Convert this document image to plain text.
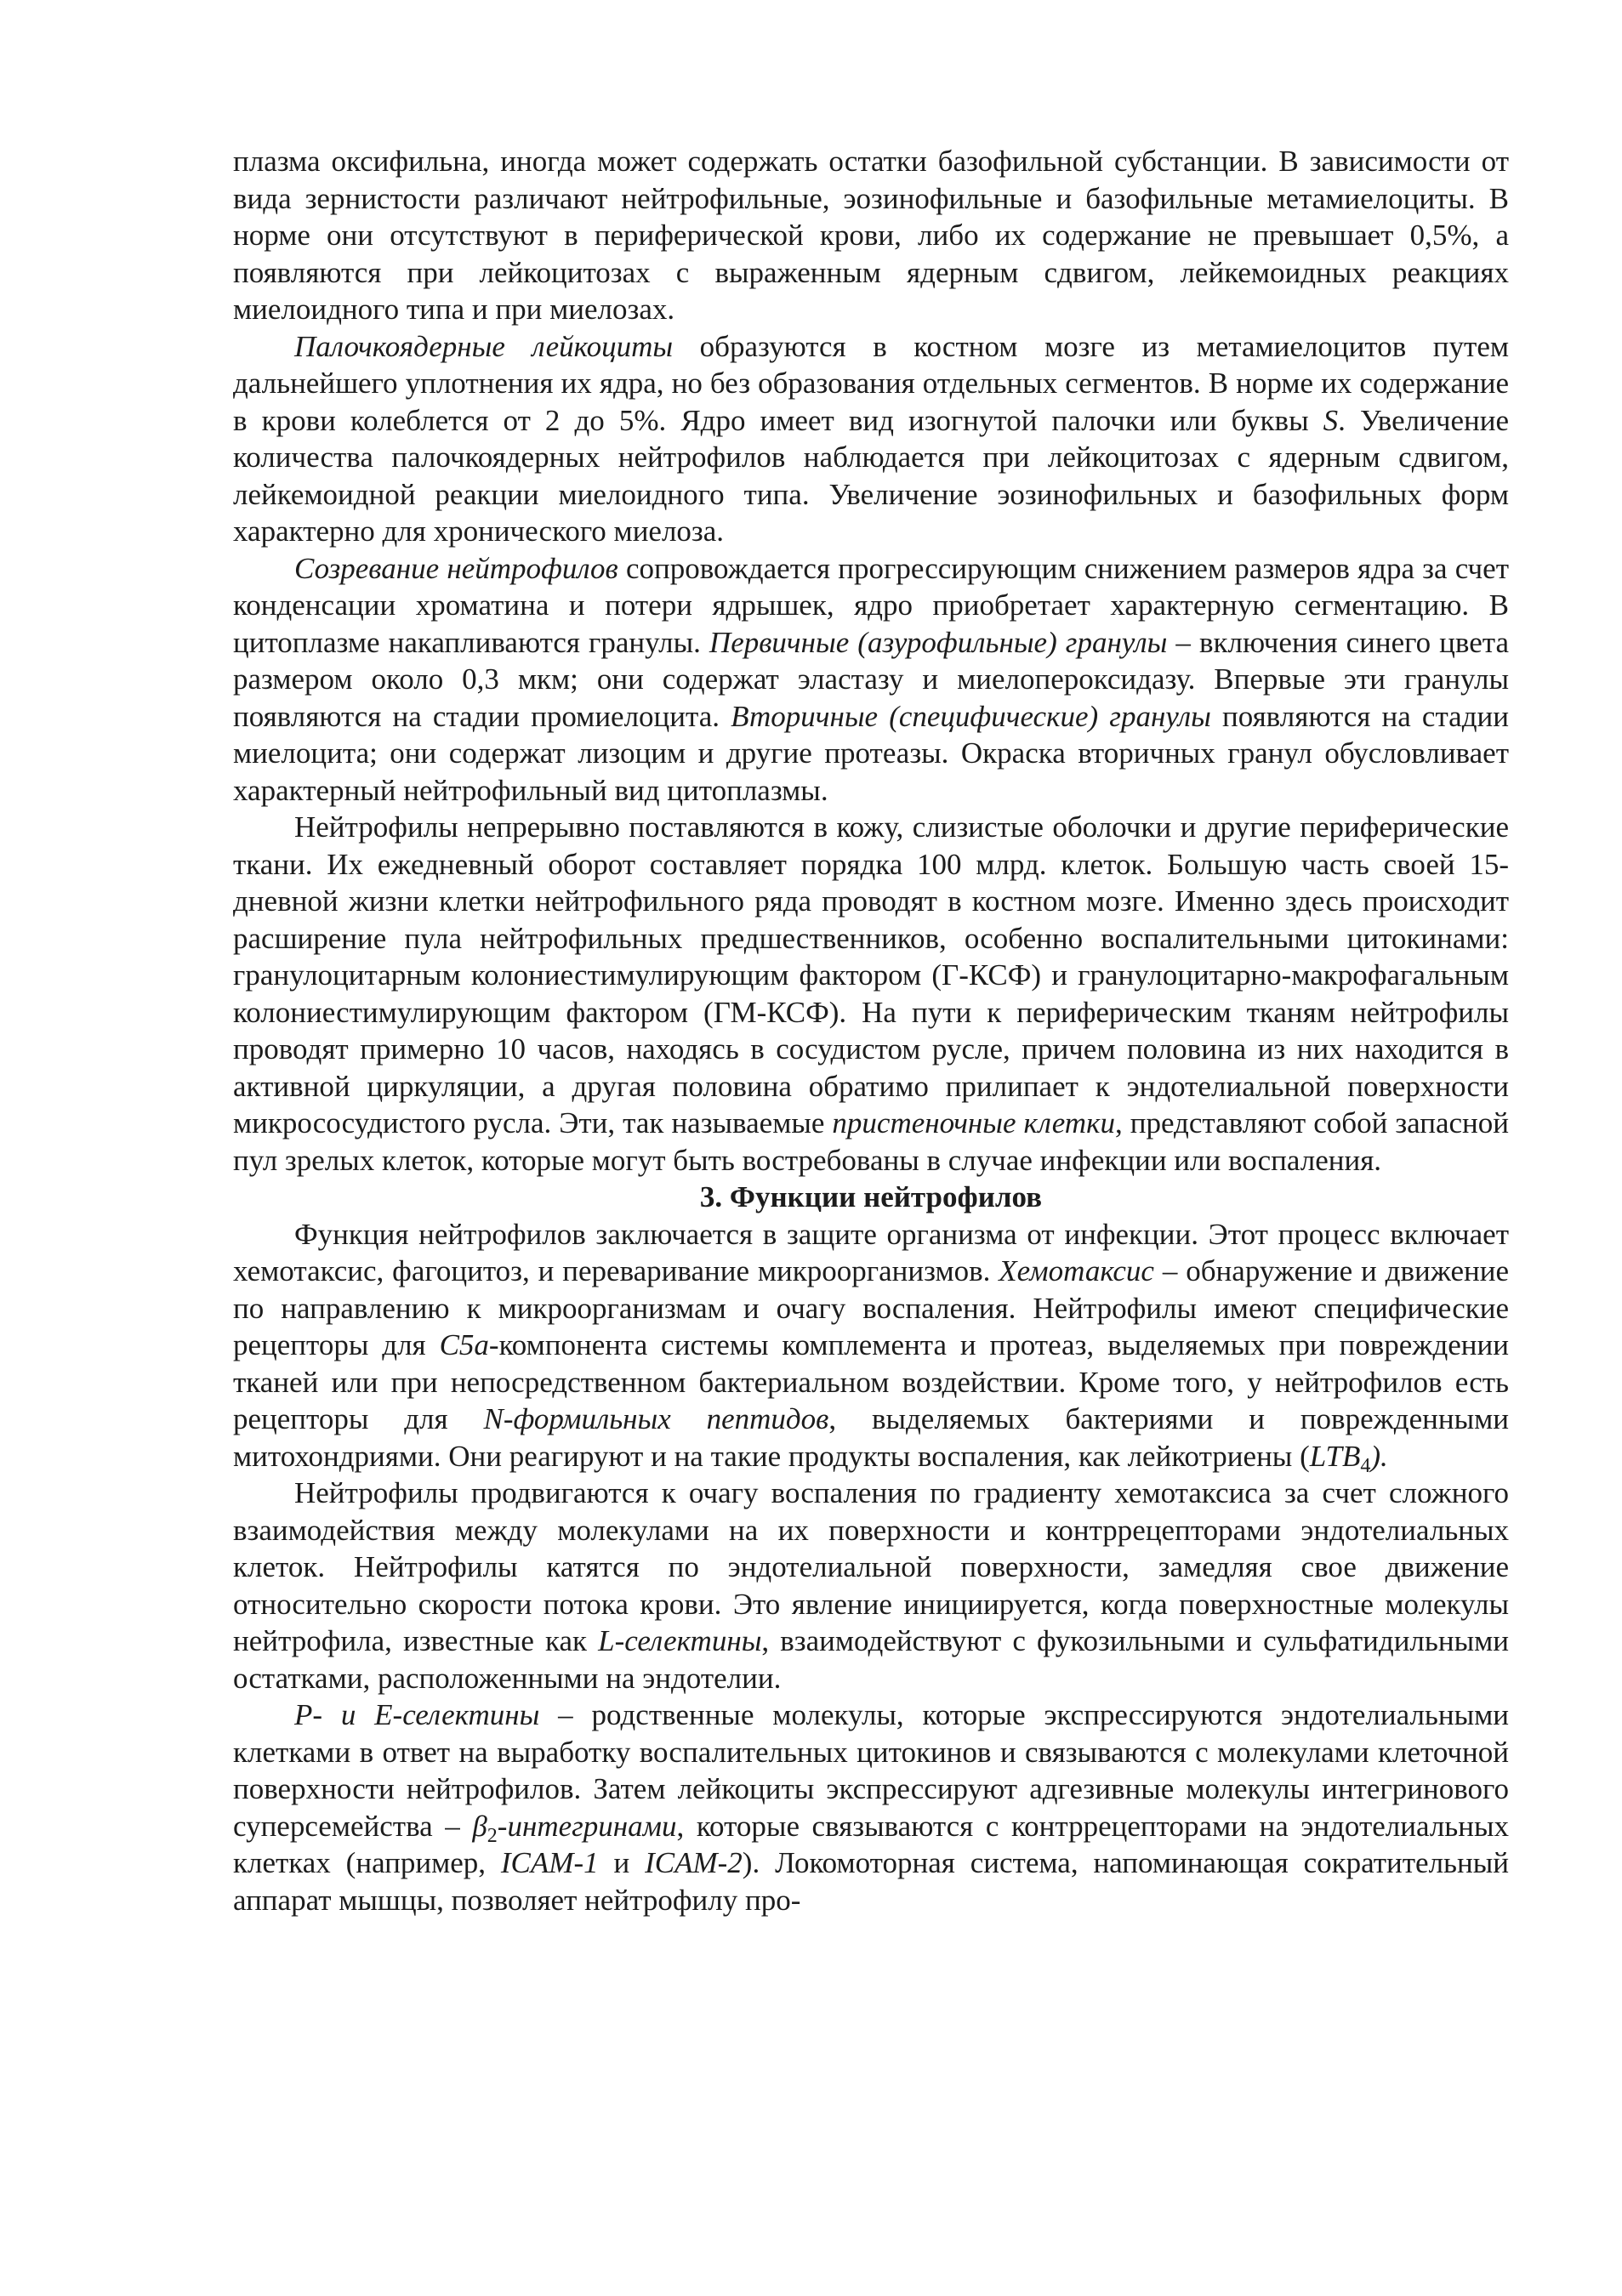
плазма оксифильна, иногда может содержать остатки базофильной субстанции. В зависимости от вида зернистости различают нейтрофильные, эозинофильные и базофильные метамиелоциты. В норме они отсутствуют в периферической крови, либо их содержание не превышает 0,5%, а появляются при лейкоцитозах с выраженным ядерным сдвигом, лейкемоидных реакциях миелоидного типа и при миелозах.

Палочкоядерные лейкоциты образуются в костном мозге из метамиелоцитов путем дальнейшего уплотнения их ядра, но без образования отдельных сегментов. В норме их содержание в крови колеблется от 2 до 5%. Ядро имеет вид изогнутой палочки или буквы S. Увеличение количества палочкоядерных нейтрофилов наблюдается при лейкоцитозах с ядерным сдвигом, лейкемоидной реакции миелоидного типа. Увеличение эозинофильных и базофильных форм характерно для хронического миелоза.

Созревание нейтрофилов сопровождается прогрессирующим снижением размеров ядра за счет конденсации хроматина и потери ядрышек, ядро приобретает характерную сегментацию. В цитоплазме накапливаются гранулы. Первичные (азурофильные) гранулы – включения синего цвета размером около 0,3 мкм; они содержат эластазу и миелопероксидазу. Впервые эти гранулы появляются на стадии промиелоцита. Вторичные (специфические) гранулы появляются на стадии миелоцита; они содержат лизоцим и другие протеазы. Окраска вторичных гранул обусловливает характерный нейтрофильный вид цитоплазмы.

Нейтрофилы непрерывно поставляются в кожу, слизистые оболочки и другие периферические ткани. Их ежедневный оборот составляет порядка 100 млрд. клеток. Большую часть своей 15-дневной жизни клетки нейтрофильного ряда проводят в костном мозге. Именно здесь происходит расширение пула нейтрофильных предшественников, особенно воспалительными цитокинами: гранулоцитарным колониестимулирующим фактором (Г-КСФ) и гранулоцитарно-макрофагальным колониестимулирующим фактором (ГМ-КСФ). На пути к периферическим тканям нейтрофилы проводят примерно 10 часов, находясь в сосудистом русле, причем половина из них находится в активной циркуляции, а другая половина обратимо прилипает к эндотелиальной поверхности микрососудистого русла. Эти, так называемые пристеночные клетки, представляют собой запасной пул зрелых клеток, которые могут быть востребованы в случае инфекции или воспаления.

3. Функции нейтрофилов

Функция нейтрофилов заключается в защите организма от инфекции. Этот процесс включает хемотаксис, фагоцитоз, и переваривание микроорганизмов. Хемотаксис – обнаружение и движение по направлению к микроорганизмам и очагу воспаления. Нейтрофилы имеют специфические рецепторы для C5a-компонента системы комплемента и протеаз, выделяемых при повреждении тканей или при непосредственном бактериальном воздействии. Кроме того, у нейтрофилов есть рецепторы для N-формильных пептидов, выделяемых бактериями и поврежденными митохондриями. Они реагируют и на такие продукты воспаления, как лейкотриены $(LTB_4)$.

Нейтрофилы продвигаются к очагу воспаления по градиенту хемотаксиса за счет сложного взаимодействия между молекулами на их поверхности и контррецепторами эндотелиальных клеток. Нейтрофилы катятся по эндотелиальной поверхности, замедляя свое движение относительно скорости потока крови. Это явление инициируется, когда поверхностные молекулы нейтрофила, известные как L-селектины, взаимодействуют с фукозильными и сульфатидильными остатками, расположенными на эндотелии.

P- и E-селектины – родственные молекулы, которые экспрессируются эндотелиальными клетками в ответ на выработку воспалительных цитокинов и связываются с молекулами клеточной поверхности нейтрофилов. Затем лейкоциты экспрессируют адгезивные молекулы интегринового суперсемейства – $\beta_2$-интегринами, которые связываются с контррецепторами на эндотелиальных клетках (например, ICAM-1 и ICAM-2). Локомоторная система, напоминающая сократительный аппарат мышцы, позволяет нейтрофилу про-
